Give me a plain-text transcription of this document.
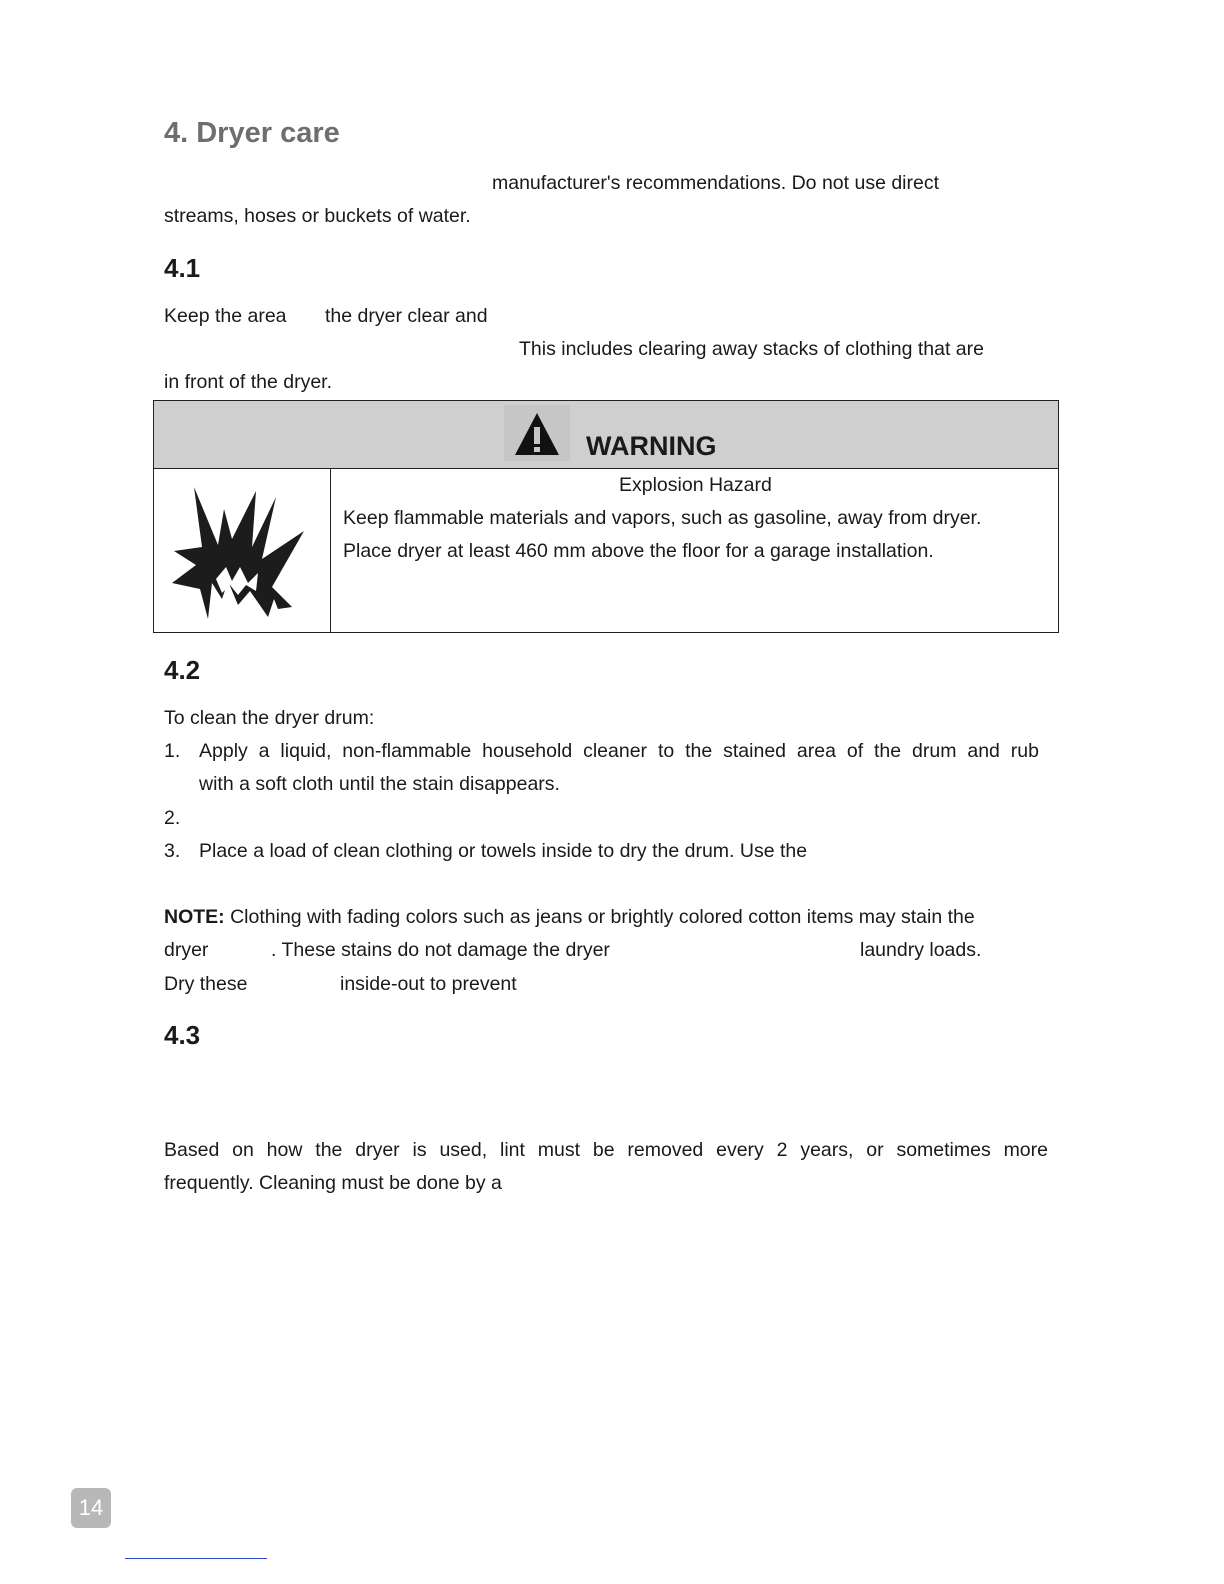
4. Dryer care
manufacturer's recommendations. Do not use direct
streams, hoses or buckets of water.
4.1
Keep the area the dryer clear and
This includes clearing away stacks of clothing that are
in front of the dryer.
WARNING
Explosion Hazard
Keep flammable materials and vapors, such as gasoline, away from dryer.
Place dryer at least 460 mm above the floor for a garage installation.
4.2
To clean the dryer drum:
1. Apply a liquid, non-flammable household cleaner to the stained area of the drum and rub
with a soft cloth until the stain disappears.
2.
3. Place a load of clean clothing or towels inside to dry the drum. Use the
NOTE: Clothing with fading colors such as jeans or brightly colored cotton items may stain the
dryer	. These stains do not damage the dryer	laundry loads.
Dry these	inside-out to prevent
4.3
Based on how the dryer is used, lint must be removed every 2 years, or sometimes more
frequently. Cleaning must be done by a
14
